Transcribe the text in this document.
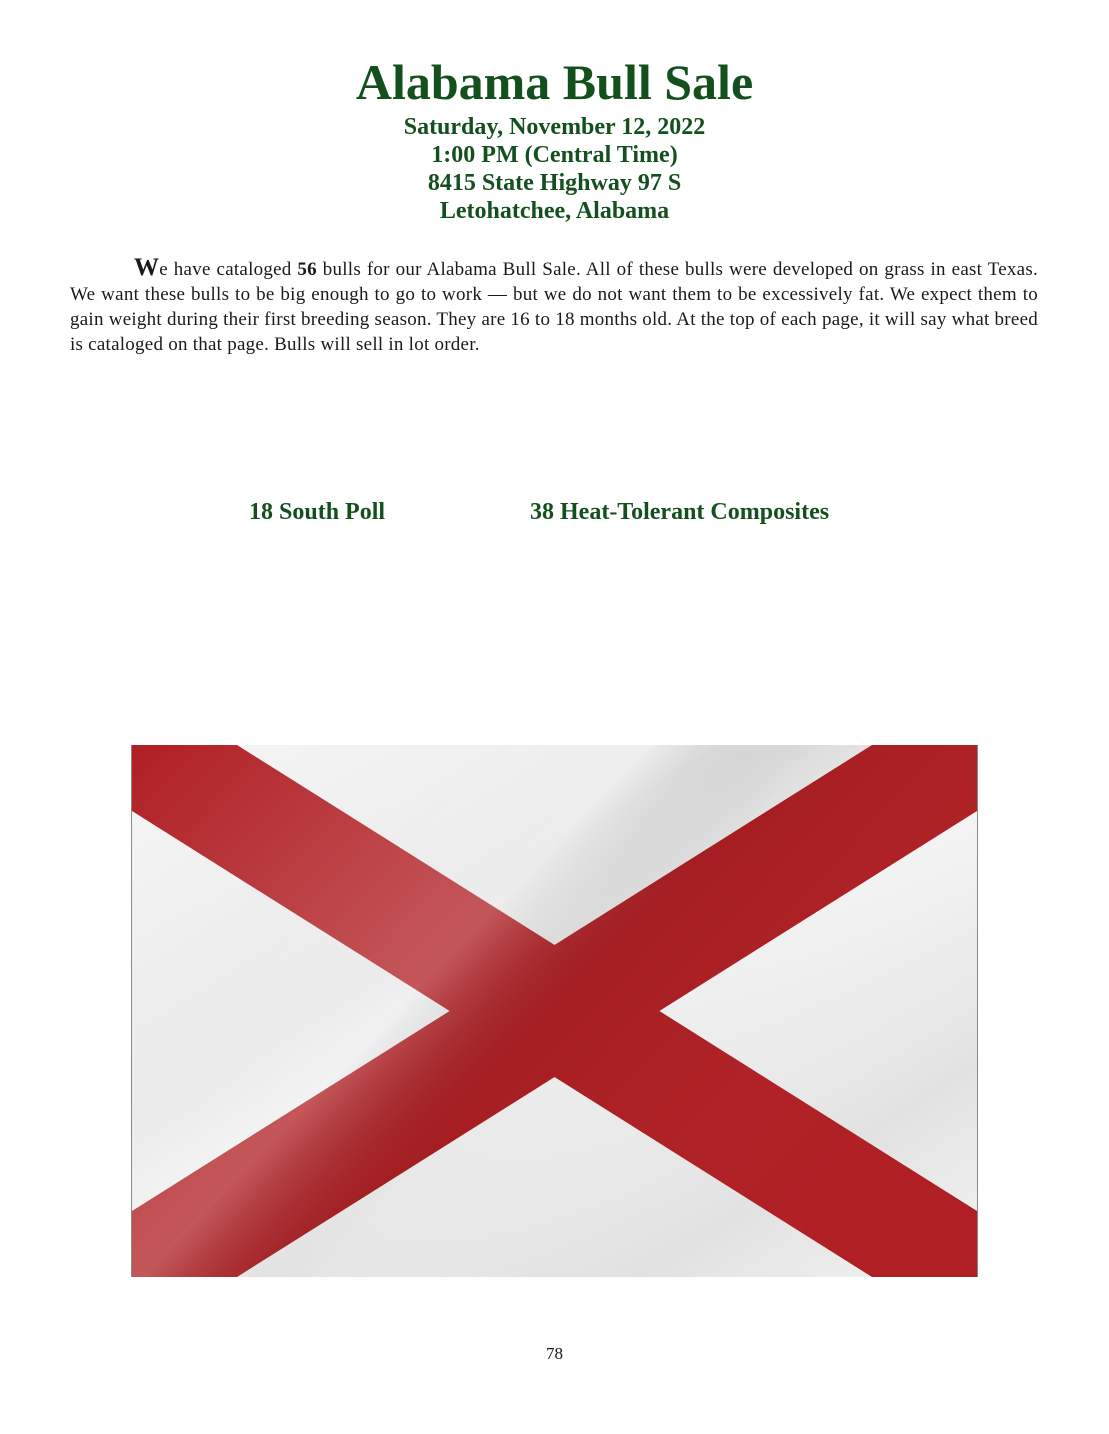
Alabama Bull Sale
Saturday, November 12, 2022
1:00 PM (Central Time)
8415 State Highway 97 S
Letohatchee, Alabama
We have cataloged 56 bulls for our Alabama Bull Sale. All of these bulls were developed on grass in east Texas. We want these bulls to be big enough to go to work — but we do not want them to be excessively fat. We expect them to gain weight during their first breeding season. They are 16 to 18 months old. At the top of each page, it will say what breed is cataloged on that page. Bulls will sell in lot order.
18 South Poll	38 Heat-Tolerant Composites
78
